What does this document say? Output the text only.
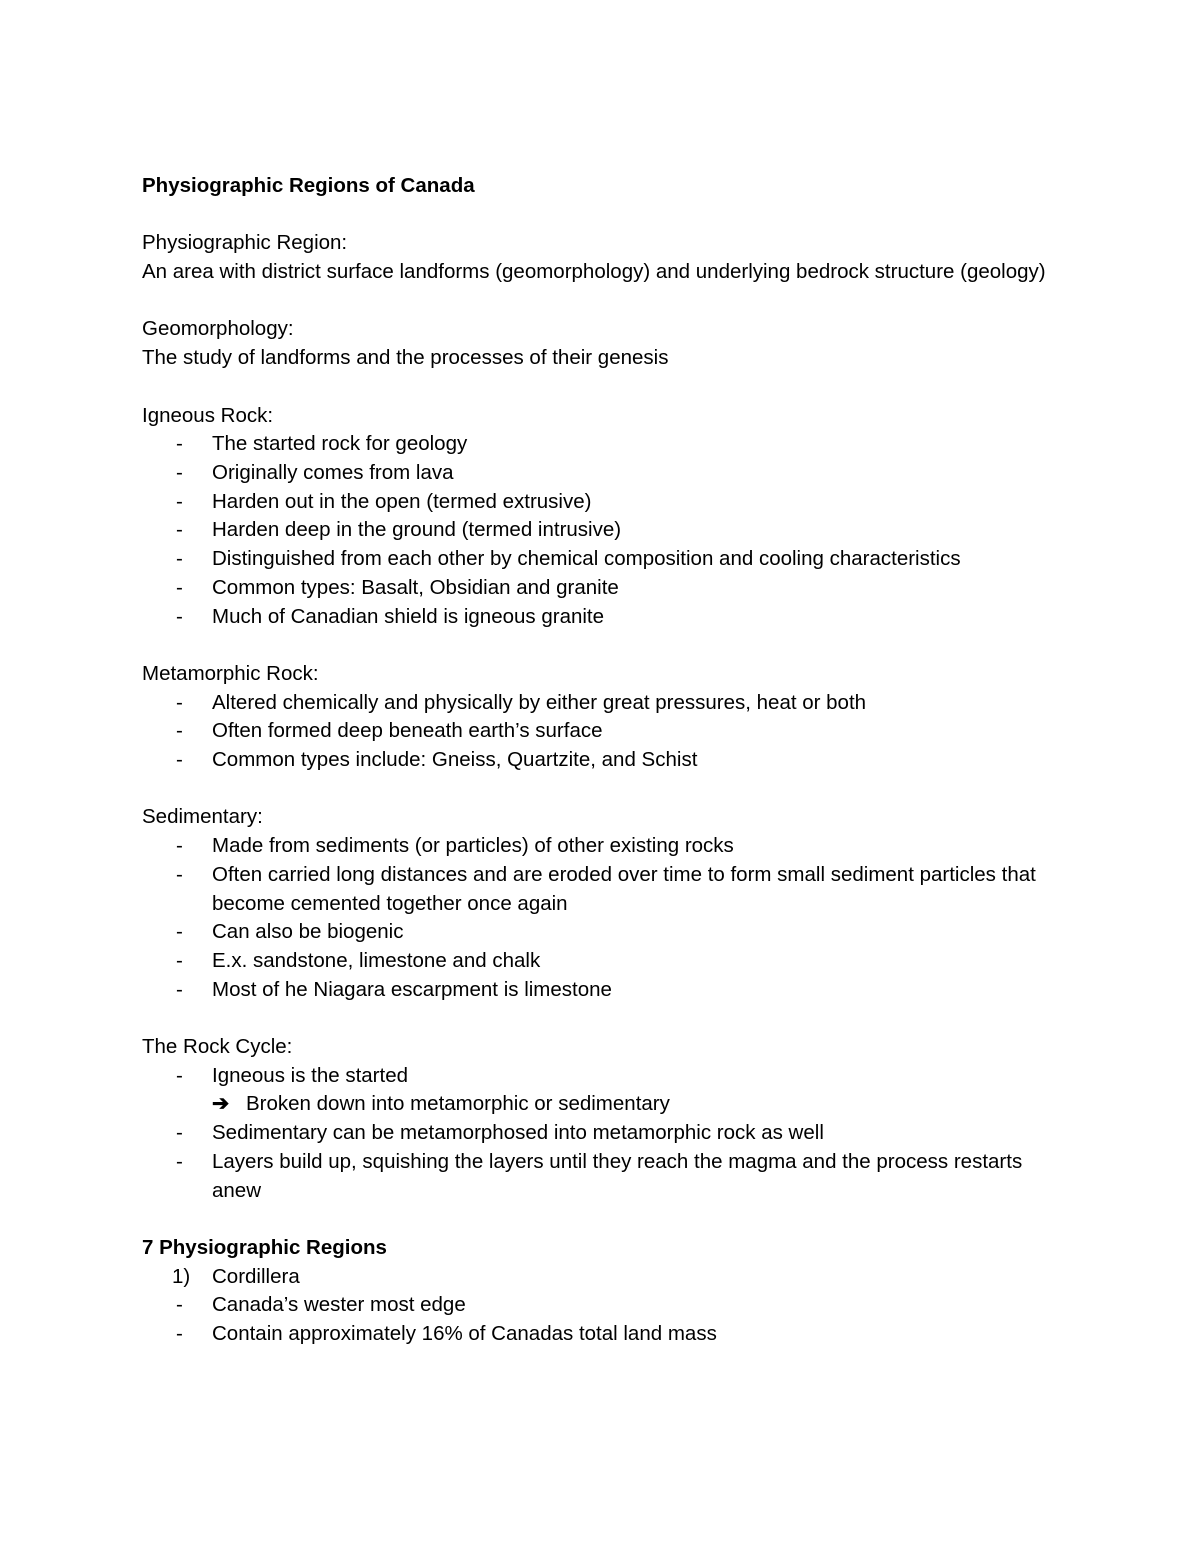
Physiographic Regions of Canada

Physiographic Region:

An area with district surface landforms (geomorphology) and underlying bedrock structure (geology)

Geomorphology:

The study of landforms and the processes of their genesis

Igneous Rock:

- The started rock for geology
- Originally comes from lava
- Harden out in the open (termed extrusive)
- Harden deep in the ground (termed intrusive)
- Distinguished from each other by chemical composition and cooling characteristics
- Common types: Basalt, Obsidian and granite
- Much of Canadian shield is igneous granite

Metamorphic Rock:

- Altered chemically and physically by either great pressures, heat or both
- Often formed deep beneath earth’s surface
- Common types include: Gneiss, Quartzite, and Schist

Sedimentary:

- Made from sediments (or particles) of other existing rocks
- Often carried long distances and are eroded over time to form small sediment particles that become cemented together once again
- Can also be biogenic
- E.x. sandstone, limestone and chalk
- Most of he Niagara escarpment is limestone

The Rock Cycle:

- Igneous is the started
➔ Broken down into metamorphic or sedimentary
- Sedimentary can be metamorphosed into metamorphic rock as well
- Layers build up, squishing the layers until they reach the magma and the process restarts anew

7 Physiographic Regions

1) Cordillera
- Canada’s wester most edge
- Contain approximately 16% of Canadas total land mass
